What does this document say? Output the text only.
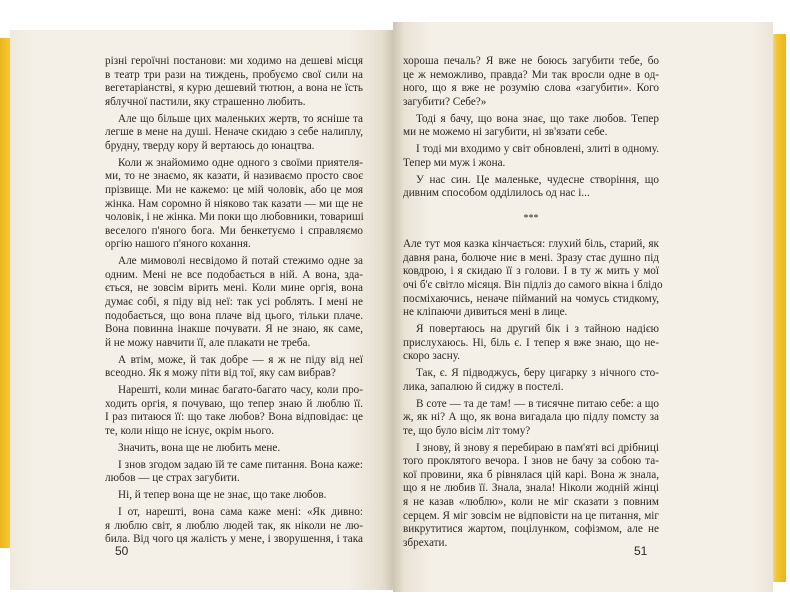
різні героїчні постанови: ми ходимо на дешеві місця
в театр три рази на тиждень, пробуємо свої сили на
вегетаріанстві, я курю дешевий тютюн, а вона не їсть
яблучної пастили, яку страшенно любить.
Але що більше цих маленьких жертв, то ясніше та
легше в мене на душі. Неначе скидаю з себе налиплу,
брудну, тверду кору й вертаюсь до юнацтва.
Коли ж знайомимо одне одного з своїми приятеля-
ми, то не знаємо, як казати, й називаємо просто своє
прізвище. Ми не кажемо: це мій чоловік, або це моя
жінка. Нам соромно й ніяково так казати — ми ще не
чоловік, і не жінка. Ми поки що любовники, товариші
веселого п'яного бога. Ми бенкетуємо і справляємо
оргію нашого п'яного кохання.
Але мимоволі несвідомо й потай стежимо одне за
одним. Мені не все подобається в ній. А вона, зда-
ється, не зовсім вірить мені. Коли мине оргія, вона
думає собі, я піду від неї: так усі роблять. І мені не
подобається, що вона плаче від цього, тільки плаче.
Вона повинна інакше почувати. Я не знаю, як саме,
й не можу навчити її, але плакати не треба.
А втім, може, й так добре — я ж не піду від неї
всеодно. Як я можу піти від тої, яку сам вибрав?
Нарешті, коли минає багато-багато часу, коли про-
ходить оргія, я почуваю, що тепер знаю й люблю її.
І раз питаюся її: що таке любов? Вона відповідає: це
те, коли ніщо не існує, окрім нього.
Значить, вона ще не любить мене.
І знов згодом задаю їй те саме питання. Вона каже:
любов — це страх загубити.
Ні, й тепер вона ще не знає, що таке любов.
І от, нарешті, вона сама каже мені: «Як дивно:
я люблю світ, я люблю людей так, як ніколи не лю-
била. Від чого ця жалість у мене, і зворушення, і така
хороша печаль? Я вже не боюсь загубити тебе, бо
це ж неможливо, правда? Ми так вросли одне в од-
ного, що я вже не розумію слова «загубити». Кого
загубити? Себе?»
Тоді я бачу, що вона знає, що таке любов. Тепер
ми не можемо ні загубити, ні зв'язати себе.
І тоді ми входимо у світ обновлені, злиті в одному.
Тепер ми муж і жона.
У нас син. Це маленьке, чудесне створіння, що
дивним способом оддiлилось од нас і...
***
Але тут моя казка кінчається: глухий біль, старий, як
давня рана, болюче ниє в мені. Зразу стає душно під
ковдрою, і я скидаю її з голови. І в ту ж мить у мої
очі б'є світло місяця. Він підліз до самого вікна і блідо
посміхаючись, неначе пійманий на чомусь стидкому,
не кліпаючи дивиться мені в лице.
Я повертаюсь на другий бік і з тайною надією
прислухаюсь. Ні, біль є. І тепер я вже знаю, що не-
скоро засну.
Так, є. Я підводжусь, беру цигарку з нічного сто-
лика, запалюю й сиджу в постелі.
В соте — та де там! — в тисячне питаю себе: а що
ж, як ні? А що, як вона вигадала цю підлу помсту за
те, що було вісім літ тому?
І знову, й знову я перебираю в пам'яті всі дрібниці
того проклятого вечора. І знов не бачу за собою та-
кої провини, яка б рівнялася цій карі. Вона ж знала,
що я не любив її. Знала, знала! Ніколи жодній жінці
я не казав «люблю», коли не міг сказати з повним
серцем. Я міг зовсім не відповісти на це питання, міг
викрутитися жартом, поцілунком, софізмом, але не
збрехати.
50	51
